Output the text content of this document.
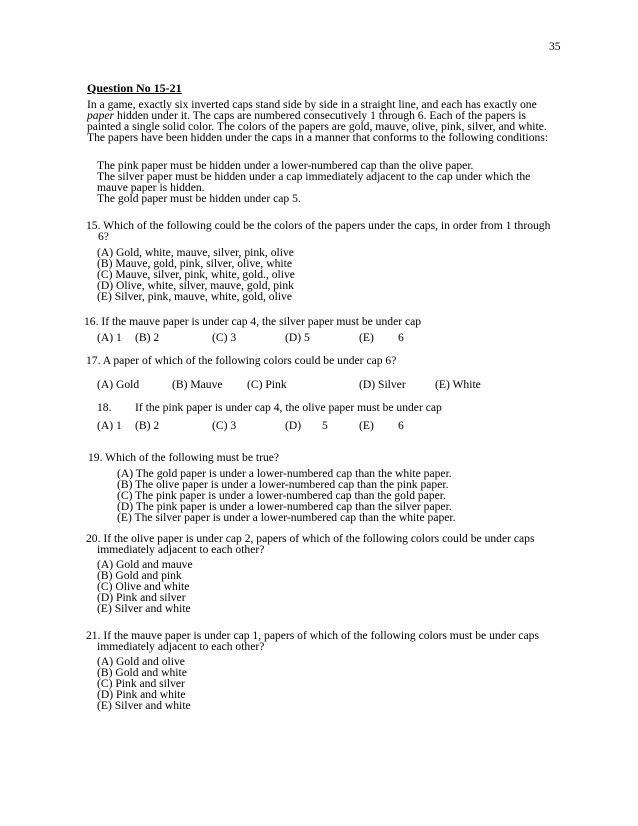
35
Question No 15-21
In a game, exactly six inverted caps stand side by side in a straight line, and each has exactly one
paper hidden under it. The caps are numbered consecutively 1 through 6. Each of the papers is
painted a single solid color. The colors of the papers are gold, mauve, olive, pink, silver, and white.
The papers have been hidden under the caps in a manner that conforms to the following conditions:
The pink paper must be hidden under a lower-numbered cap than the olive paper.
The silver paper must be hidden under a cap immediately adjacent to the cap under which the
mauve paper is hidden.
The gold paper must be hidden under cap 5.
15. Which of the following could be the colors of the papers under the caps, in order from 1 through
6?
(A) Gold, white, mauve, silver, pink, olive
(B) Mauve, gold, pink, silver, olive, white
(C) Mauve, silver, pink, white, gold., olive
(D) Olive, white, silver, mauve, gold, pink
(E) Silver, pink, mauve, white, gold, olive
16. If the mauve paper is under cap 4, the silver paper must be under cap
(A) 1 (B) 2	(C) 3	(D) 5	(E) 6
17. A paper of which of the following colors could be under cap 6?
(A) Gold	(B) Mauve (C) Pink	(D) Silver	(E) White
18. If the pink paper is under cap 4, the olive paper must be under cap
(A) 1 (B) 2	(C) 3	(D) 5	(E) 6
19. Which of the following must be true?
(A) The gold paper is under a lower-numbered cap than the white paper.
(B) The olive paper is under a lower-numbered cap than the pink paper.
(C) The pink paper is under a lower-numbered cap than the gold paper.
(D) The pink paper is under a lower-numbered cap than the silver paper.
(E) The silver paper is under a lower-numbered cap than the white paper.
20. If the olive paper is under cap 2, papers of which of the following colors could be under caps
immediately adjacent to each other?
(A) Gold and mauve
(B) Gold and pink
(C) Olive and white
(D) Pink and silver
(E) Silver and white
21. If the mauve paper is under cap 1, papers of which of the following colors must be under caps
immediately adjacent to each other?
(A) Gold and olive
(B) Gold and white
(C) Pink and silver
(D) Pink and white
(E) Silver and white
